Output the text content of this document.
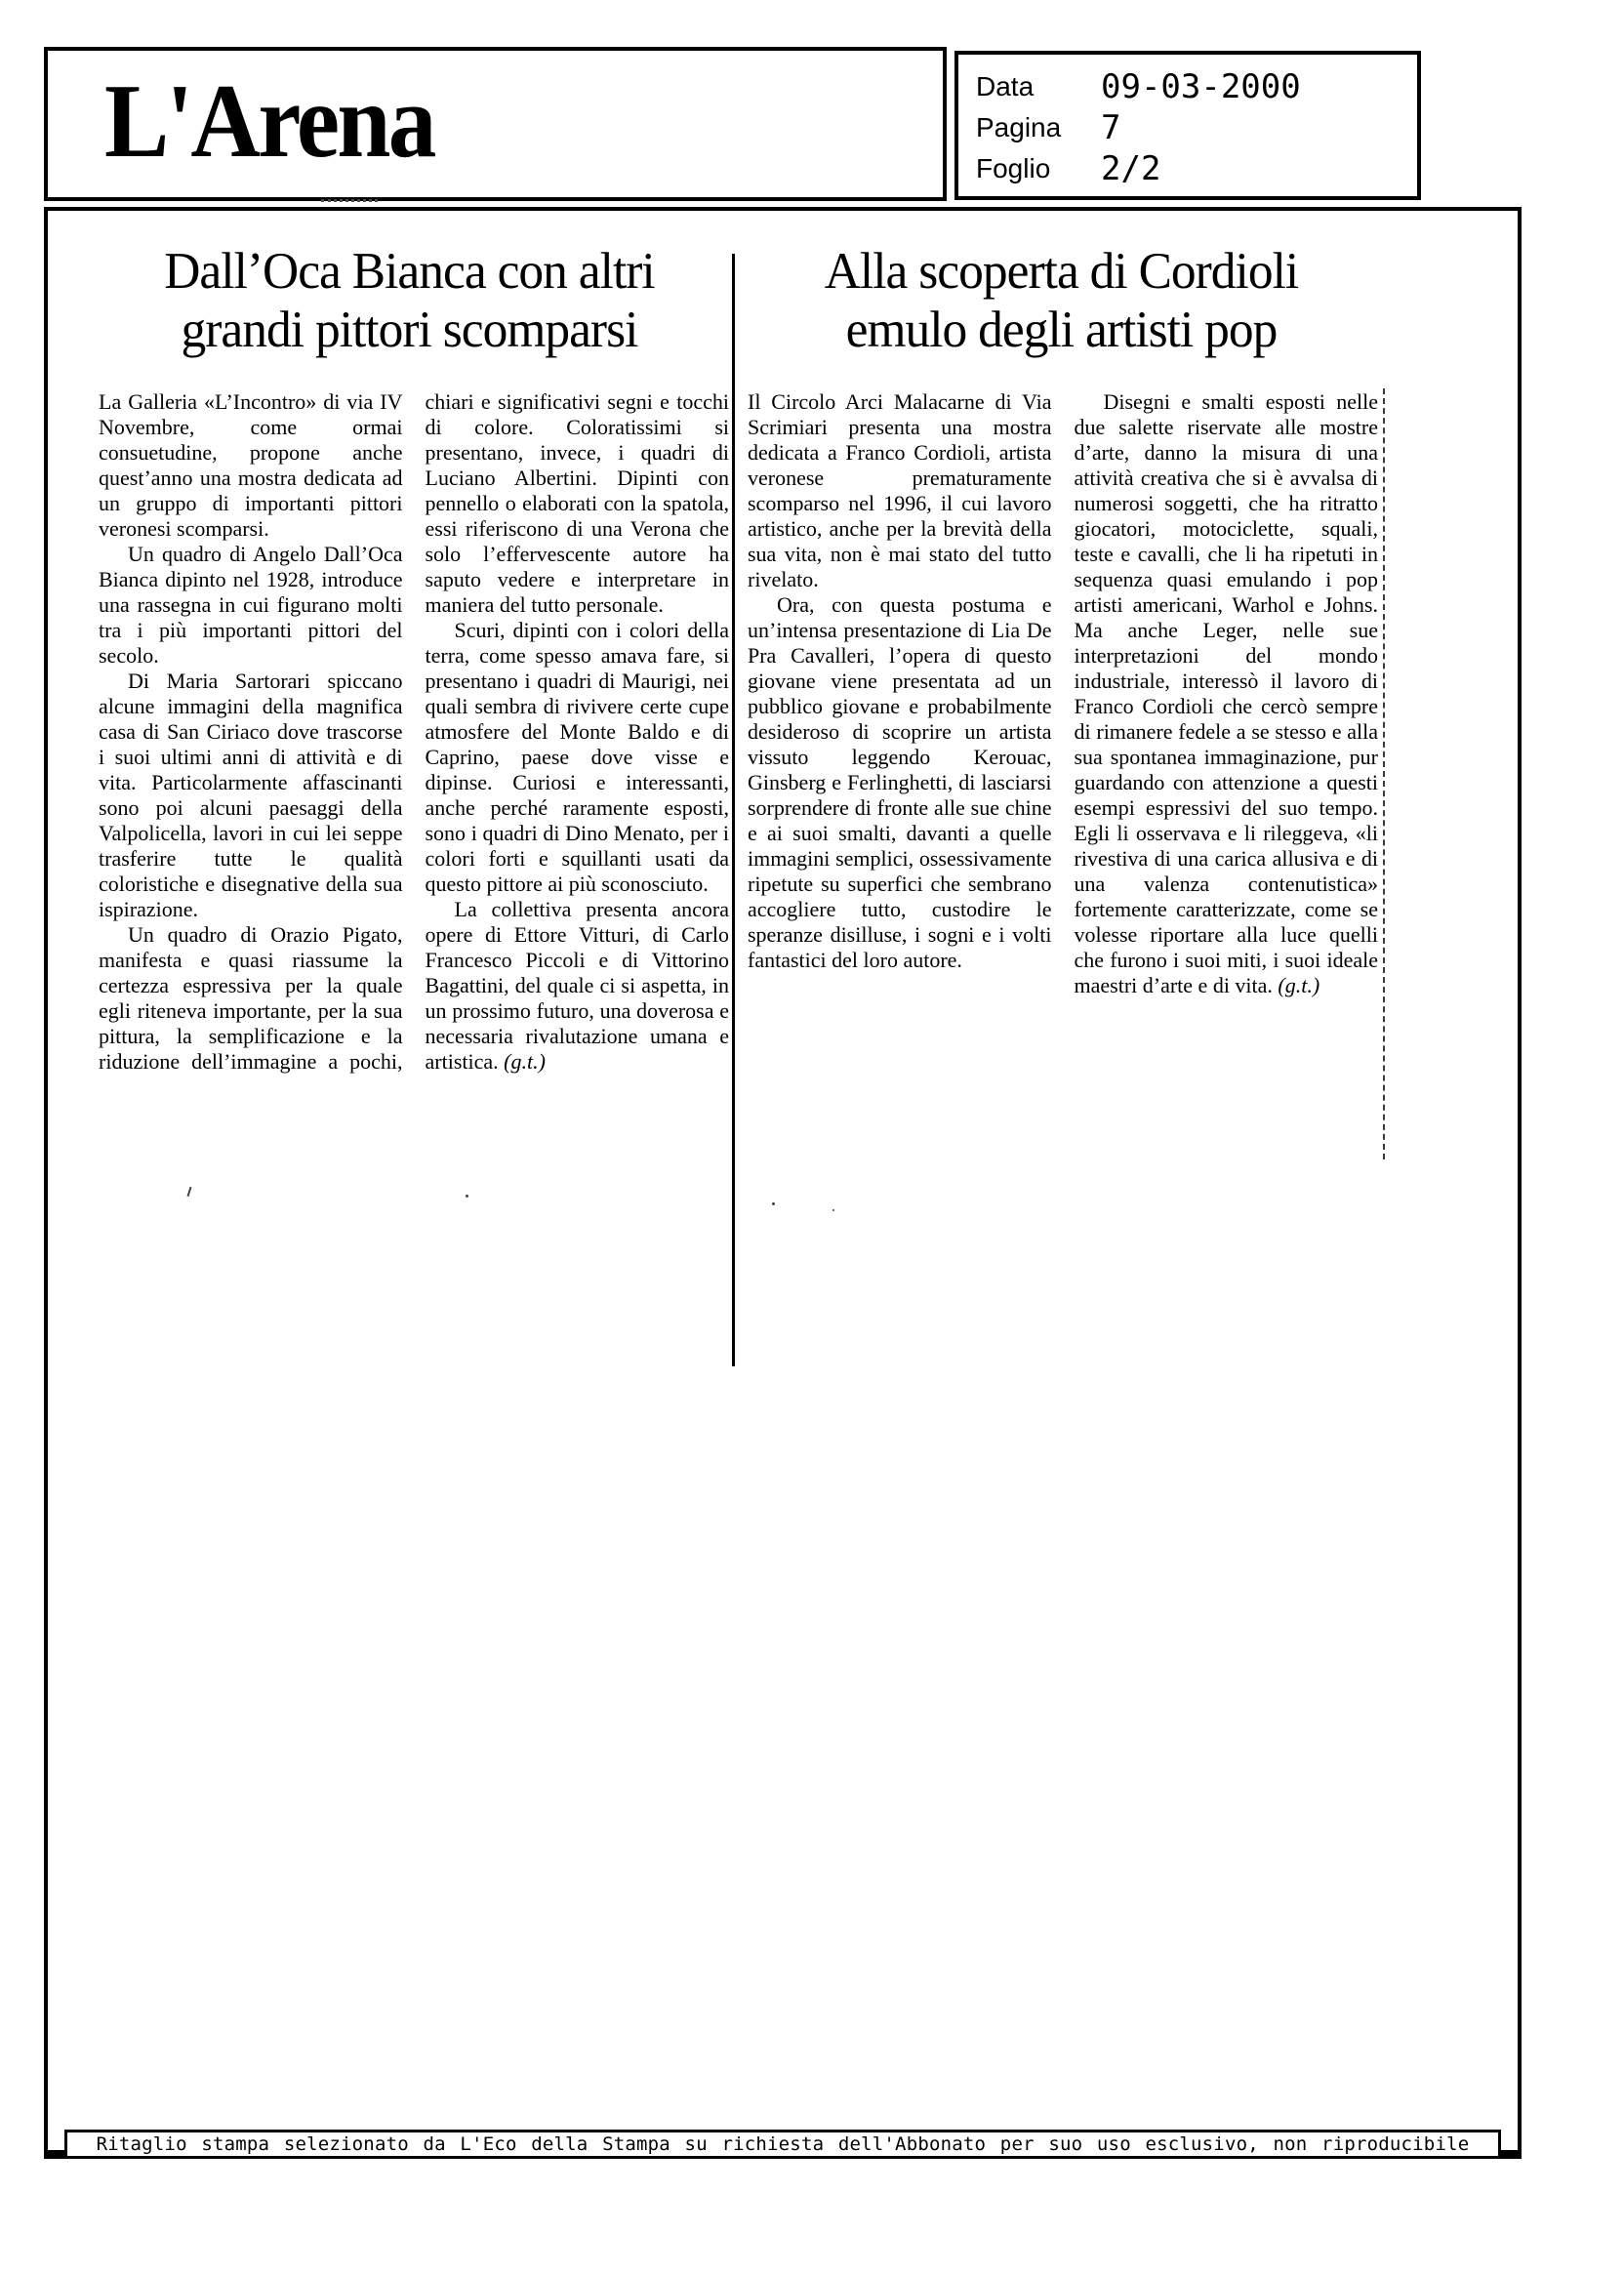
L'Arena	Data	09-03-2000
Pagina	7
Foglio	2/2
Dall’Oca Bianca con altri
grandi pittori scomparsi
Alla scoperta di Cordioli
emulo degli artisti pop

La Galleria «L’Incontro» di via IV Novembre, come ormai consuetudine, propone anche quest’anno una mostra dedicata ad un gruppo di importanti pittori veronesi scomparsi.

Un quadro di Angelo Dall’Oca Bianca dipinto nel 1928, introduce una rassegna in cui figurano molti tra i più importanti pittori del secolo.

Di Maria Sartorari spiccano alcune immagini della magnifica casa di San Ciriaco dove trascorse i suoi ultimi anni di attività e di vita. Particolarmente affascinanti sono poi alcuni paesaggi della Valpolicella, lavori in cui lei seppe trasferire tutte le qualità coloristiche e disegnative della sua ispirazione.

Un quadro di Orazio Pigato, manifesta e quasi riassume la certezza espressiva per la quale egli riteneva importante, per la sua pittura, la semplificazione e la riduzione dell’immagine a pochi, chiari e significativi segni e tocchi di colore. Coloratissimi si presentano, invece, i quadri di Luciano Albertini. Dipinti con pennello o elaborati con la spatola, essi riferiscono di una Verona che solo l’effervescente autore ha saputo vedere e interpretare in maniera del tutto personale.

Scuri, dipinti con i colori della terra, come spesso amava fare, si presentano i quadri di Maurigi, nei quali sembra di rivivere certe cupe atmosfere del Monte Baldo e di Caprino, paese dove visse e dipinse. Curiosi e interessanti, anche perché raramente esposti, sono i quadri di Dino Menato, per i colori forti e squillanti usati da questo pittore ai più sconosciuto.

La collettiva presenta ancora opere di Ettore Vitturi, di Carlo Francesco Piccoli e di Vittorino Bagattini, del quale ci si aspetta, in un prossimo futuro, una doverosa e necessaria rivalutazione umana e artistica. (g.t.)

Il Circolo Arci Malacarne di Via Scrimiari presenta una mostra dedicata a Franco Cordioli, artista veronese prematuramente scomparso nel 1996, il cui lavoro artistico, anche per la brevità della sua vita, non è mai stato del tutto rivelato.

Ora, con questa postuma e un’intensa presentazione di Lia De Pra Cavalleri, l’opera di questo giovane viene presentata ad un pubblico giovane e probabilmente desideroso di scoprire un artista vissuto leggendo Kerouac, Ginsberg e Ferlinghetti, di lasciarsi sorprendere di fronte alle sue chine e ai suoi smalti, davanti a quelle immagini semplici, ossessivamente ripetute su superfici che sembrano accogliere tutto, custodire le speranze disilluse, i sogni e i volti fantastici del loro autore.

Disegni e smalti esposti nelle due salette riservate alle mostre d’arte, danno la misura di una attività creativa che si è avvalsa di numerosi soggetti, che ha ritratto giocatori, motociclette, squali, teste e cavalli, che li ha ripetuti in sequenza quasi emulando i pop artisti americani, Warhol e Johns. Ma anche Leger, nelle sue interpretazioni del mondo industriale, interessò il lavoro di Franco Cordioli che cercò sempre di rimanere fedele a se stesso e alla sua spontanea immaginazione, pur guardando con attenzione a questi esempi espressivi del suo tempo. Egli li osservava e li rileggeva, «li rivestiva di una carica allusiva e di una valenza contenutistica» fortemente caratterizzate, come se volesse riportare alla luce quelli che furono i suoi miti, i suoi ideale maestri d’arte e di vita. (g.t.)

Ritaglio stampa selezionato da L'Eco della Stampa su richiesta dell'Abbonato per suo uso esclusivo, non riproducibile
